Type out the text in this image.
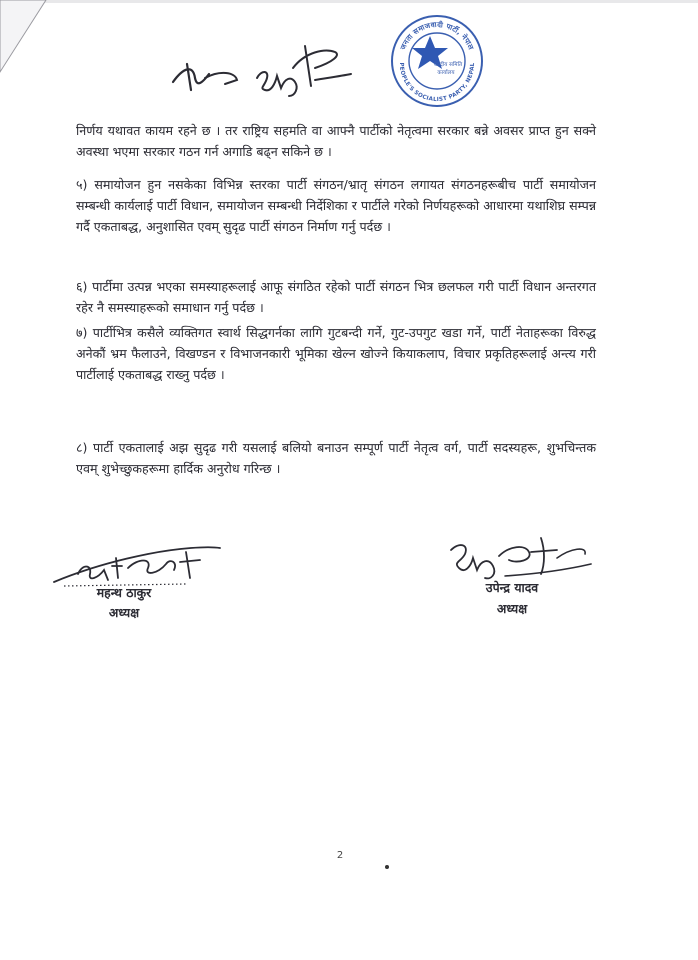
जनता समाजवादी पार्टी, नेपाल
PEOPLE'S SOCIALIST PARTY, NEPAL
केन्द्रीय समिति
कार्यालय

निर्णय यथावत कायम रहने छ । तर राष्ट्रिय सहमति वा आफ्नै पार्टीको नेतृत्वमा सरकार बन्ने अवसर प्राप्त हुन सक्ने अवस्था भएमा सरकार गठन गर्न अगाडि बढ्न सकिने छ ।

५) समायोजन हुन नसकेका विभिन्न स्तरका पार्टी संगठन/भ्रातृ संगठन लगायत संगठनहरूबीच पार्टी समायोजन सम्बन्धी कार्यलाई पार्टी विधान, समायोजन सम्बन्धी निर्देशिका र पार्टीले गरेको निर्णयहरूको आधारमा यथाशिघ्र सम्पन्न गर्दै एकताबद्ध, अनुशासित एवम् सुदृढ पार्टी संगठन निर्माण गर्नु पर्दछ ।

६) पार्टीमा उत्पन्न भएका समस्याहरूलाई आफू संगठित रहेको पार्टी संगठन भित्र छलफल गरी पार्टी विधान अन्तरगत रहेर नै समस्याहरूको समाधान गर्नु पर्दछ ।

७) पार्टीभित्र कसैले व्यक्तिगत स्वार्थ सिद्धगर्नका लागि गुटबन्दी गर्ने, गुट-उपगुट खडा गर्ने, पार्टी नेताहरूका विरुद्ध अनेकौं भ्रम फैलाउने, विखण्डन र विभाजनकारी भूमिका खेल्न खोज्ने कियाकलाप, विचार प्रकृतिहरूलाई अन्त्य गरी पार्टीलाई एकताबद्ध राख्नु पर्दछ ।

८) पार्टी एकतालाई अझ सुदृढ गरी यसलाई बलियो बनाउन सम्पूर्ण पार्टी नेतृत्व वर्ग, पार्टी सदस्यहरू, शुभचिन्तक एवम् शुभेच्छुकहरूमा हार्दिक अनुरोध गरिन्छ ।

महन्थ ठाकुर
अध्यक्ष
उपेन्द्र यादव
अध्यक्ष
2
